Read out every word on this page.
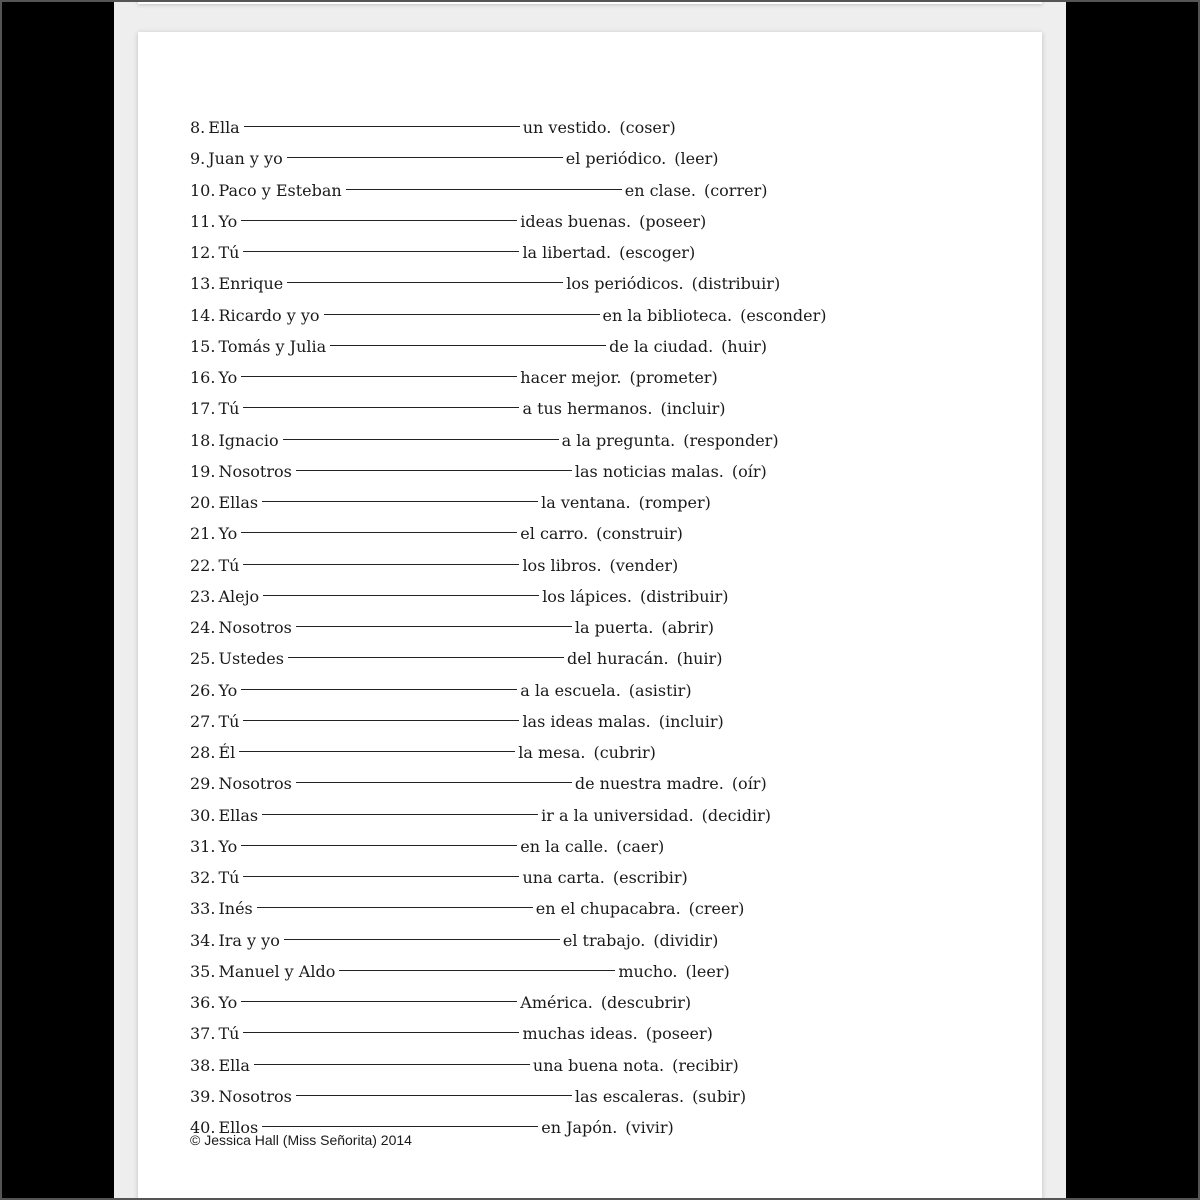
8. Ella	un vestido. (coser)
9. Juan y yo	el periódico. (leer)
10. Paco y Esteban	en clase. (correr)
11. Yo	ideas buenas. (poseer)
12. Tú	la libertad. (escoger)
13. Enrique	los periódicos. (distribuir)
14. Ricardo y yo	en la biblioteca. (esconder)
15. Tomás y Julia	de la ciudad. (huir)
16. Yo	hacer mejor. (prometer)
17. Tú	a tus hermanos. (incluir)
18. Ignacio	a la pregunta. (responder)
19. Nosotros	las noticias malas. (oír)
20. Ellas	la ventana. (romper)
21. Yo	el carro. (construir)
22. Tú	los libros. (vender)
23. Alejo	los lápices. (distribuir)
24. Nosotros	la puerta. (abrir)
25. Ustedes	del huracán. (huir)
26. Yo	a la escuela. (asistir)
27. Tú	las ideas malas. (incluir)
28. Él	la mesa. (cubrir)
29. Nosotros	de nuestra madre. (oír)
30. Ellas	ir a la universidad. (decidir)
31. Yo	en la calle. (caer)
32. Tú	una carta. (escribir)
33. Inés	en el chupacabra. (creer)
34. Ira y yo	el trabajo. (dividir)
35. Manuel y Aldo	mucho. (leer)
36. Yo	América. (descubrir)
37. Tú	muchas ideas. (poseer)
38. Ella	una buena nota. (recibir)
39. Nosotros	las escaleras. (subir)
40. Ellos	en Japón. (vivir)
© Jessica Hall (Miss Señorita) 2014
